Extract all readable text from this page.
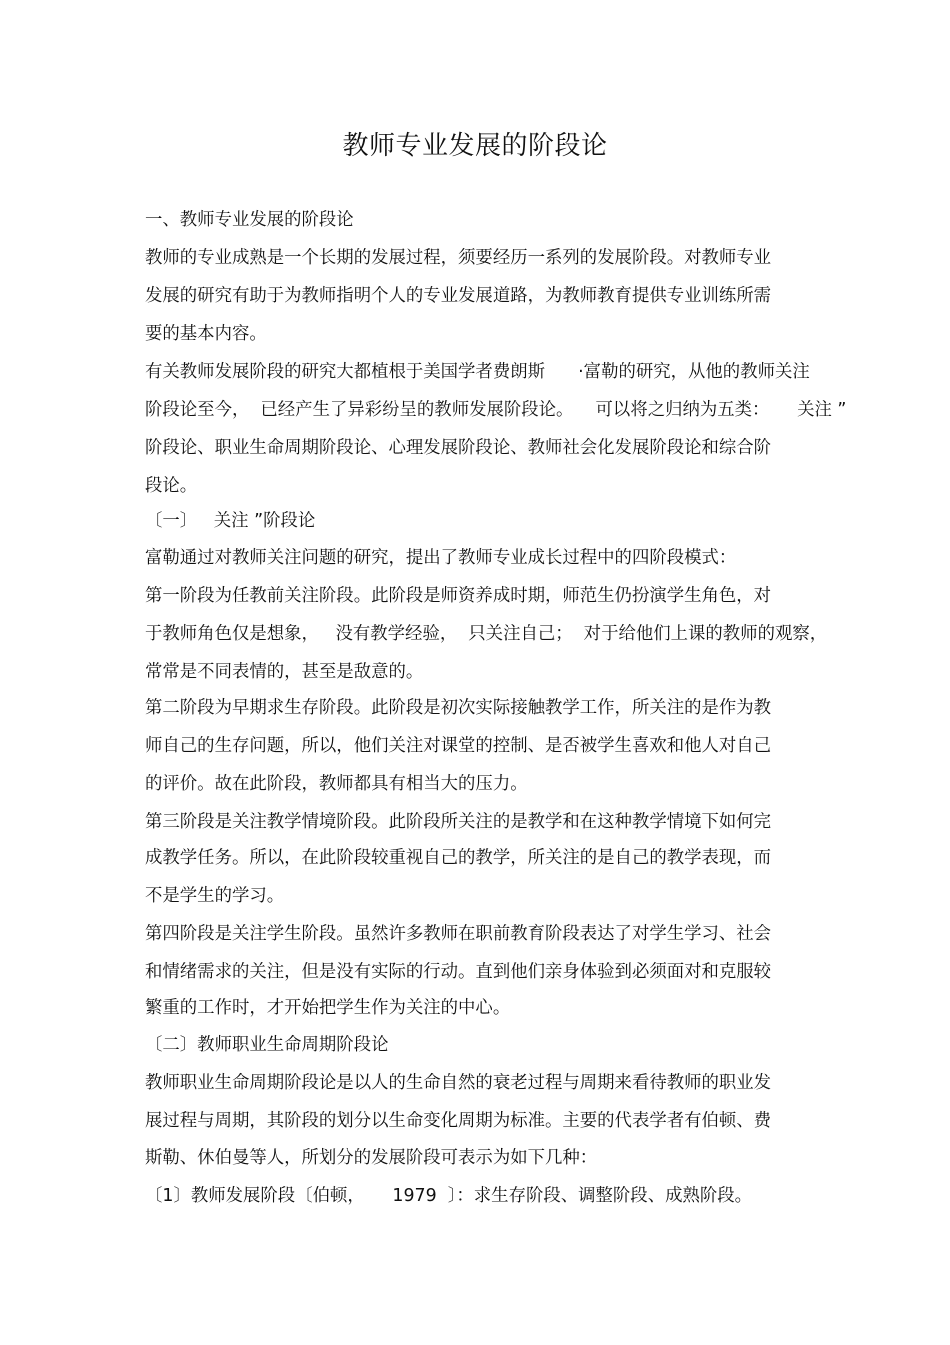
教师专业发展的阶段论
一、教师专业发展的阶段论
教师的专业成熟是一个长期的发展过程，须要经历一系列的发展阶段。对教师专业
发展的研究有助于为教师指明个人的专业发展道路，为教师教育提供专业训练所需
要的基本内容。
有关教师发展阶段的研究大都植根于美国学者费朗斯      ·富勒的研究，从他的教师关注
阶段论至今，  已经产生了异彩纷呈的教师发展阶段论。    可以将之归纳为五类：     关注 ”
阶段论、职业生命周期阶段论、心理发展阶段论、教师社会化发展阶段论和综合阶
段论。
〔一〕   关注 ”阶段论
富勒通过对教师关注问题的研究，提出了教师专业成长过程中的四阶段模式：
第一阶段为任教前关注阶段。此阶段是师资养成时期，师范生仍扮演学生角色，对
于教师角色仅是想象，   没有教学经验，  只关注自己；  对于给他们上课的教师的观察，
常常是不同表情的，甚至是敌意的。
第二阶段为早期求生存阶段。此阶段是初次实际接触教学工作，所关注的是作为教
师自己的生存问题，所以，他们关注对课堂的控制、是否被学生喜欢和他人对自己
的评价。故在此阶段，教师都具有相当大的压力。
第三阶段是关注教学情境阶段。此阶段所关注的是教学和在这种教学情境下如何完
成教学任务。所以，在此阶段较重视自己的教学，所关注的是自己的教学表现，而
不是学生的学习。
第四阶段是关注学生阶段。虽然许多教师在职前教育阶段表达了对学生学习、社会
和情绪需求的关注，但是没有实际的行动。直到他们亲身体验到必须面对和克服较
繁重的工作时，才开始把学生作为关注的中心。
〔二〕教师职业生命周期阶段论
教师职业生命周期阶段论是以人的生命自然的衰老过程与周期来看待教师的职业发
展过程与周期，其阶段的划分以生命变化周期为标准。主要的代表学者有伯顿、费
斯勒、休伯曼等人，所划分的发展阶段可表示为如下几种：
〔1〕教师发展阶段〔伯顿，     1979  〕：求生存阶段、调整阶段、成熟阶段。
